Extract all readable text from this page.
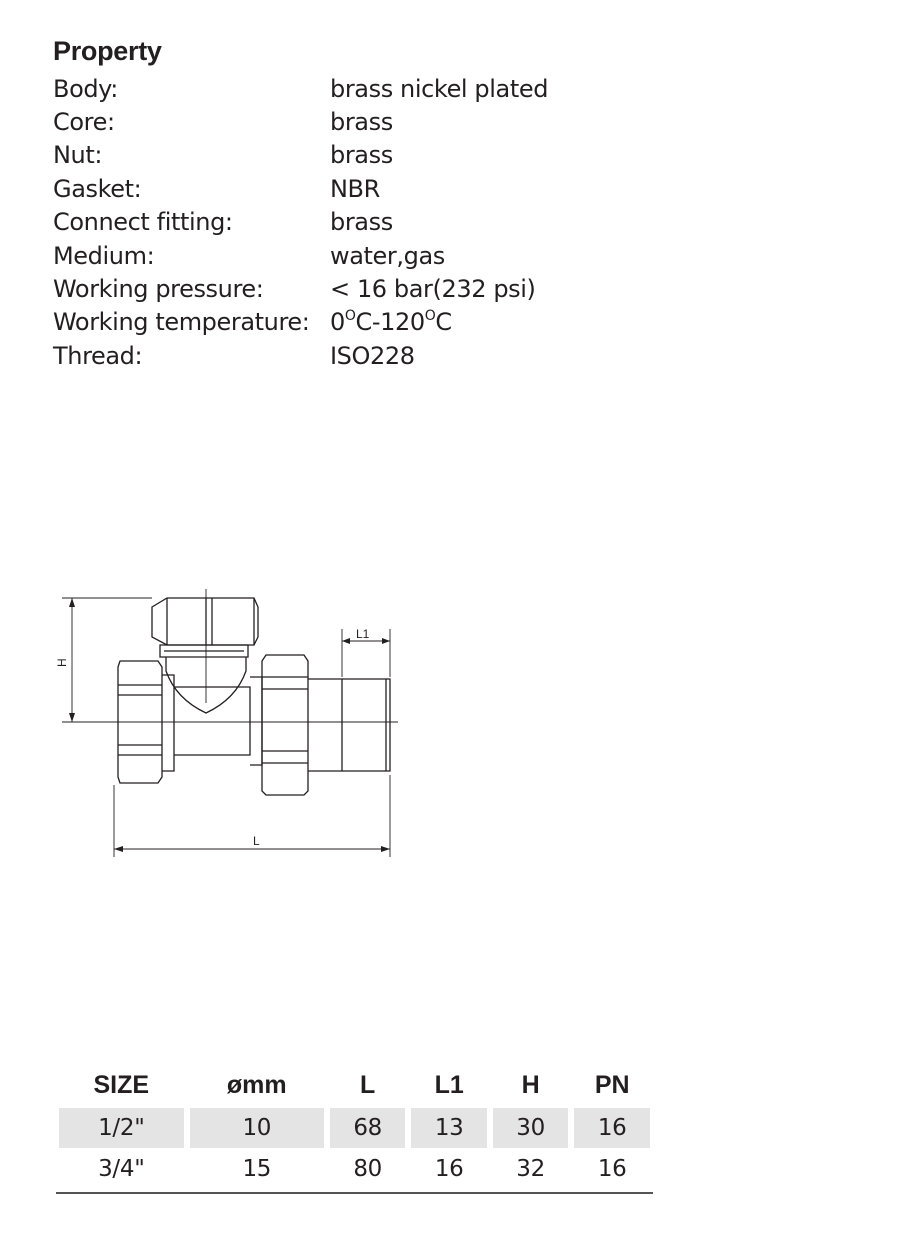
Property
Body:	brass nickel plated
Core:	brass
Nut:	brass
Gasket:	NBR
Connect fitting:	brass
Medium:	water,gas
Working pressure:	< 16 bar(232 psi)
Working temperature: $0^OC-120^OC$
Thread:	ISO228
H
L
L1
SIZE	ømm	L	L1	H	PN

1/2"	10	68	13	30	16

3/4"	15	80	16	32	16
